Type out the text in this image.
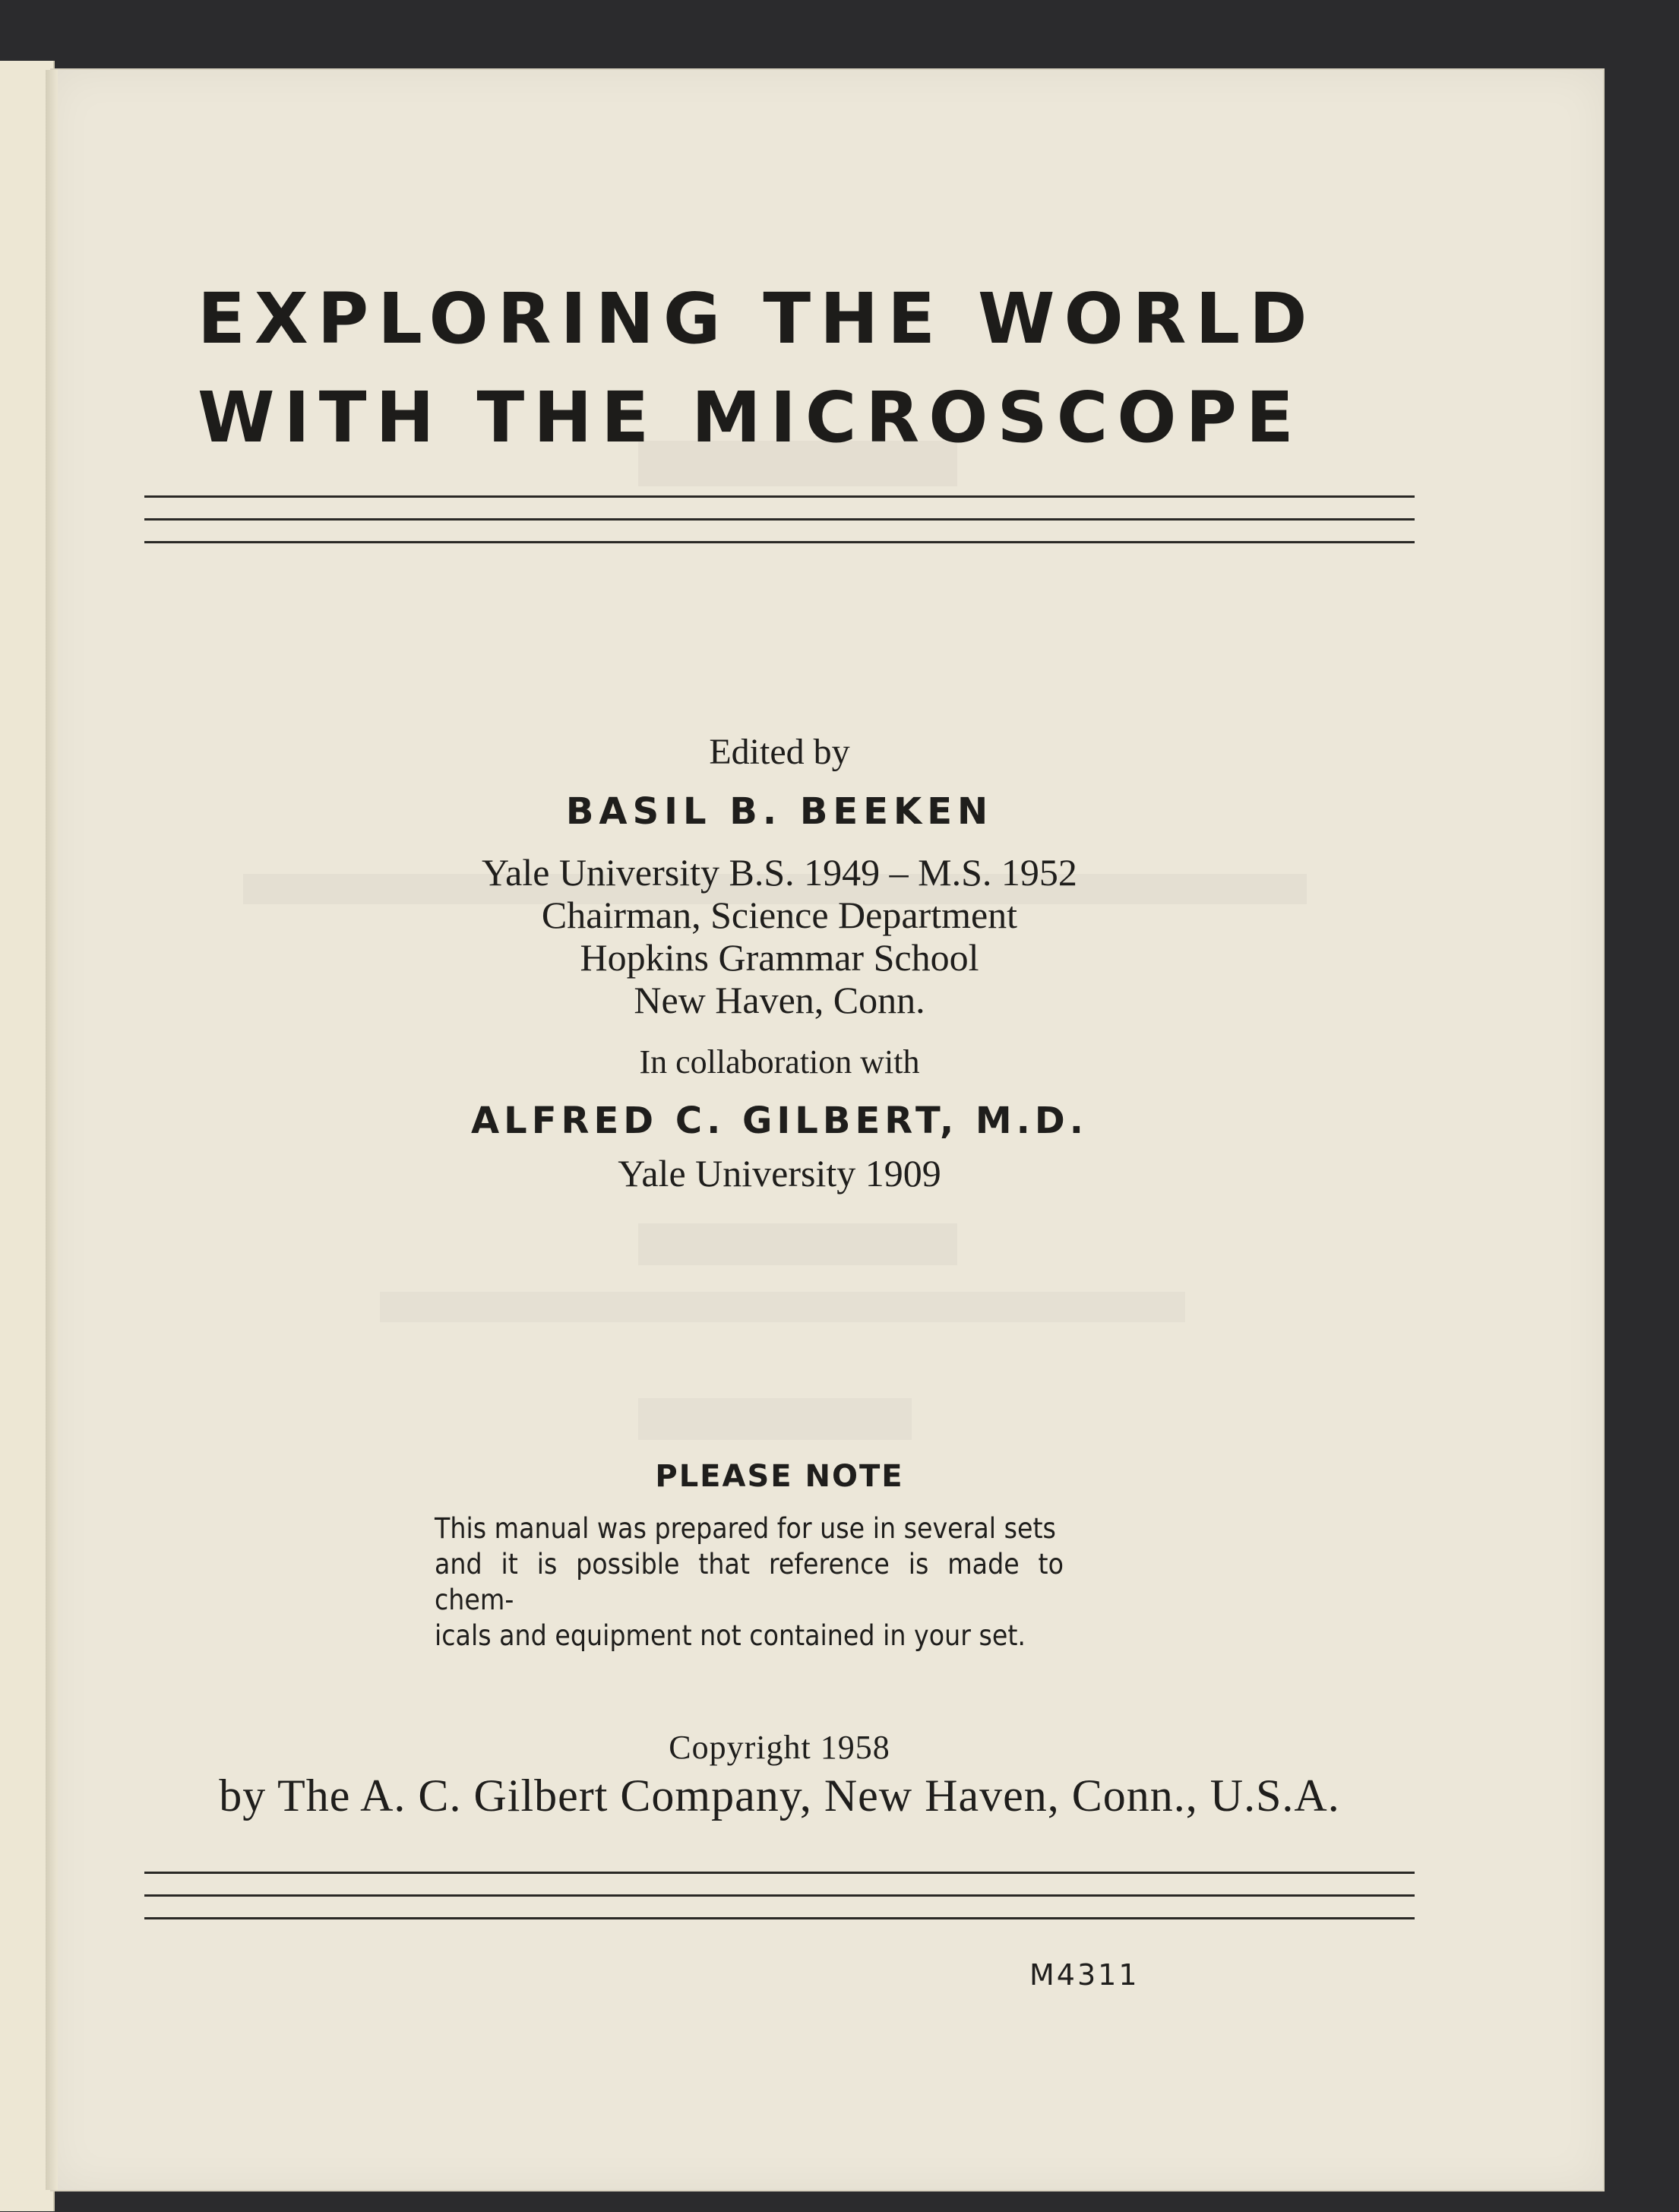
EXPLORING THE WORLD
WITH THE MICROSCOPE
Edited by
BASIL B. BEEKEN
Yale University B.S. 1949 – M.S. 1952
Chairman, Science Department
Hopkins Grammar School
New Haven, Conn.
In collaboration with
ALFRED C. GILBERT, M.D.
Yale University 1909
PLEASE NOTE
This manual was prepared for use in several sets
and it is possible that reference is made to chem-
icals and equipment not contained in your set.
Copyright 1958
by The A. C. Gilbert Company, New Haven, Conn., U.S.A.
M4311
